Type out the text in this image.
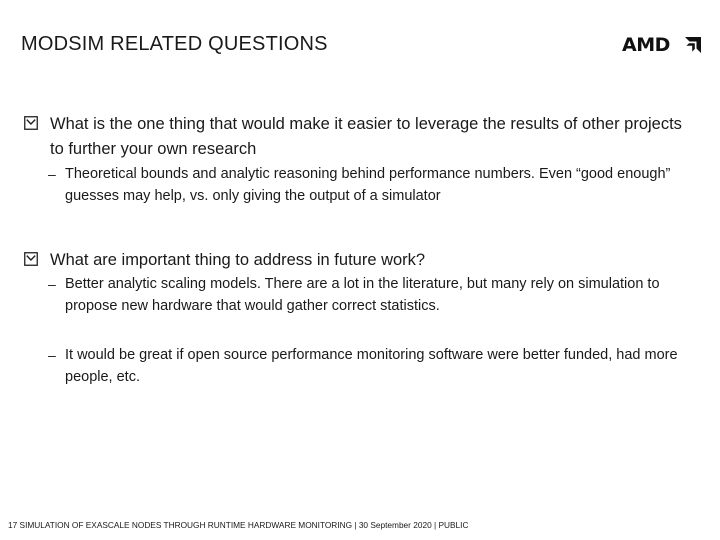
MODSIM RELATED QUESTIONS	AMD
What is the one thing that would make it easier to leverage the results of other projects to further your own research
– Theoretical bounds and analytic reasoning behind performance numbers. Even “good enough” guesses may help, vs. only giving the output of a simulator
What are important thing to address in future work?
– Better analytic scaling models. There are a lot in the literature, but many rely on simulation to propose new hardware that would gather correct statistics.
– It would be great if open source performance monitoring software were better funded, had more people, etc.
17 SIMULATION OF EXASCALE NODES THROUGH RUNTIME HARDWARE MONITORING | 30 September 2020 | PUBLIC
